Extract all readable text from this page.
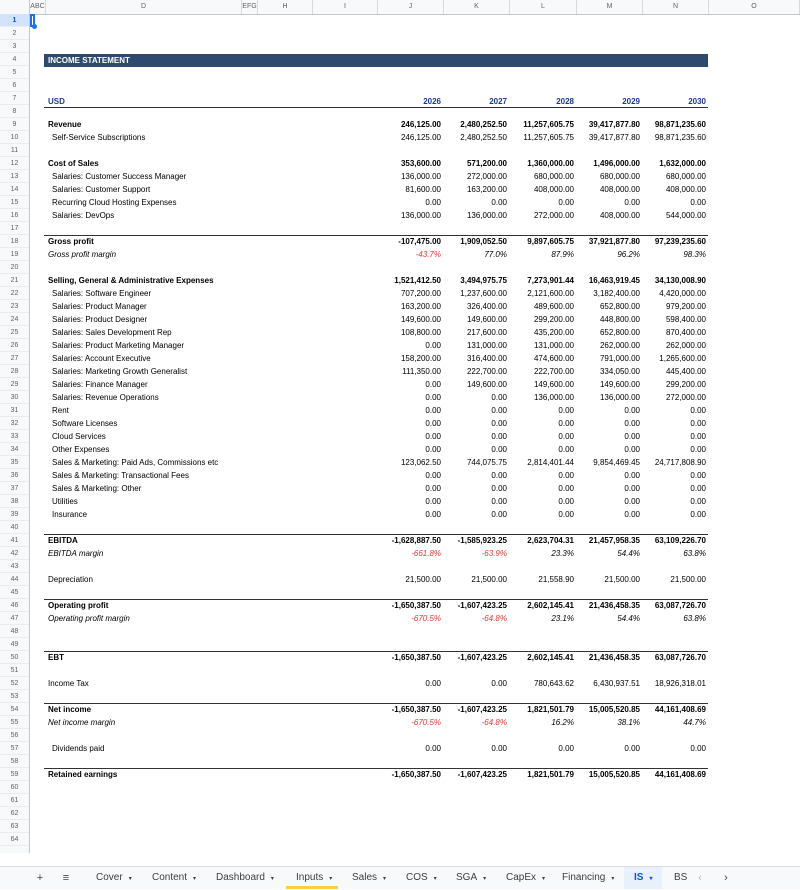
ABC	D	EFG	H	I	J	K	L	M	N	O
1
2
3
4
5
6
7
8
9
10
11
12
13
14
15
16
17
18
19
20
21
22
23
24
25
26
27
28
29
30
31
32
33
34
35
36
37
38
39
40
41
42
43
44
45
46
47
48
49
50
51
52
53
54
55
56
57
58
59
60
61
62
63
64
INCOME STATEMENT
USD	2026	2027	2028	2029	2030
Revenue	246,125.00	2,480,252.50	11,257,605.75	39,417,877.80	98,871,235.60
Self-Service Subscriptions	246,125.00	2,480,252.50	11,257,605.75	39,417,877.80	98,871,235.60
Cost of Sales	353,600.00	571,200.00	1,360,000.00	1,496,000.00	1,632,000.00
Salaries: Customer Success Manager	136,000.00	272,000.00	680,000.00	680,000.00	680,000.00
Salaries: Customer Support	81,600.00	163,200.00	408,000.00	408,000.00	408,000.00
Recurring Cloud Hosting Expenses	0.00	0.00	0.00	0.00	0.00
Salaries: DevOps	136,000.00	136,000.00	272,000.00	408,000.00	544,000.00
Gross profit	-107,475.00	1,909,052.50	9,897,605.75	37,921,877.80	97,239,235.60
Gross profit margin	-43.7%	77.0%	87.9%	96.2%	98.3%
Selling, General & Administrative Expenses	1,521,412.50	3,494,975.75	7,273,901.44	16,463,919.45	34,130,008.90
Salaries: Software Engineer	707,200.00	1,237,600.00	2,121,600.00	3,182,400.00	4,420,000.00
Salaries: Product Manager	163,200.00	326,400.00	489,600.00	652,800.00	979,200.00
Salaries: Product Designer	149,600.00	149,600.00	299,200.00	448,800.00	598,400.00
Salaries: Sales Development Rep	108,800.00	217,600.00	435,200.00	652,800.00	870,400.00
Salaries: Product Marketing Manager	0.00	131,000.00	131,000.00	262,000.00	262,000.00
Salaries: Account Executive	158,200.00	316,400.00	474,600.00	791,000.00	1,265,600.00
Salaries: Marketing Growth Generalist	111,350.00	222,700.00	222,700.00	334,050.00	445,400.00
Salaries: Finance Manager	0.00	149,600.00	149,600.00	149,600.00	299,200.00
Salaries: Revenue Operations	0.00	0.00	136,000.00	136,000.00	272,000.00
Rent	0.00	0.00	0.00	0.00	0.00
Software Licenses	0.00	0.00	0.00	0.00	0.00
Cloud Services	0.00	0.00	0.00	0.00	0.00
Other Expenses	0.00	0.00	0.00	0.00	0.00
Sales & Marketing: Paid Ads, Commissions etc	123,062.50	744,075.75	2,814,401.44	9,854,469.45	24,717,808.90
Sales & Marketing: Transactional Fees	0.00	0.00	0.00	0.00	0.00
Sales & Marketing: Other	0.00	0.00	0.00	0.00	0.00
Utilities	0.00	0.00	0.00	0.00	0.00
Insurance	0.00	0.00	0.00	0.00	0.00
EBITDA	-1,628,887.50	-1,585,923.25	2,623,704.31	21,457,958.35	63,109,226.70
EBITDA margin	-661.8%	-63.9%	23.3%	54.4%	63.8%
Depreciation	21,500.00	21,500.00	21,558.90	21,500.00	21,500.00
Operating profit	-1,650,387.50	-1,607,423.25	2,602,145.41	21,436,458.35	63,087,726.70
Operating profit margin	-670.5%	-64.8%	23.1%	54.4%	63.8%
EBT	-1,650,387.50	-1,607,423.25	2,602,145.41	21,436,458.35	63,087,726.70
Income Tax	0.00	0.00	780,643.62	6,430,937.51	18,926,318.01
Net income	-1,650,387.50	-1,607,423.25	1,821,501.79	15,005,520.85	44,161,408.69
Net income margin	-670.5%	-64.8%	16.2%	38.1%	44.7%
Dividends paid	0.00	0.00	0.00	0.00	0.00
Retained earnings	-1,650,387.50	-1,607,423.25	1,821,501.79	15,005,520.85	44,161,408.69
+	≡	Cover ▾	Content ▾	Dashboard ▾	Inputs ▾	Sales ▾	COS ▾	SGA ▾	CapEx ▾	Financing ▾	IS ▾	BS ‹	›
